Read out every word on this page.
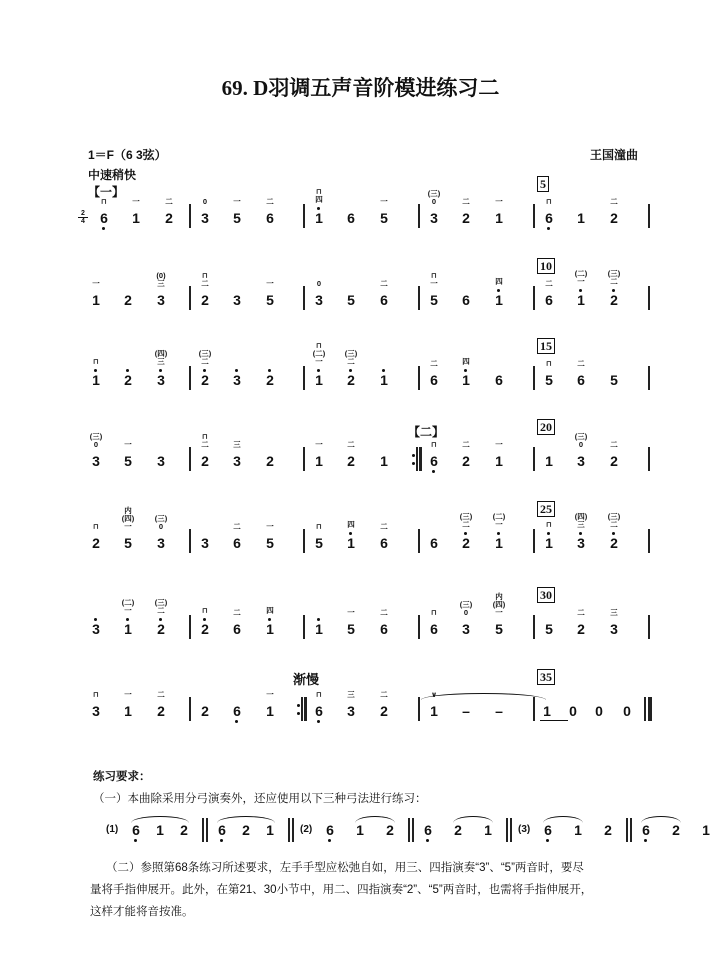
69. D羽调五声音阶模进练习二
1＝F（6 3弦）
中速稍快
王国潼曲
【一】
2
4
练习要求：
（一）本曲除采用分弓演奏外，还应使用以下三种弓法进行练习：
（二）参照第68条练习所述要求，左手手型应松弛自如，用三、四指演奏“3”、“5”两音时，要尽
量将手指伸展开。此外，在第21、30小节中，用二、四指演奏“2”、“5”两音时，也需将手指伸展开，
这样才能将音按准。
6
⊓
1
一
2
二
3
0
5
一
6
二
1
⊓
四
6 5
一
3
(三)
0
2
二
1
一
6
⊓
1 2
二
5
1
一
2 3
(0)
三
2
⊓
二
3 5
一
3
0
5 6
二
5
⊓
一
6 1
四
6
二
1
(二)
一
2
(三)
二
10
1
⊓
2 3
(四)
三
2
(三)
二
3 2	1
⊓
(二)
一
2
(三)
二
1	6
二
1
四
6	5
⊓
6
二
5
15
3
(三)
0
5
一
3	2
⊓
二
3
三
2	1
一
2
二
1	6
⊓
2
二
1
一
【二】
1 3
(三)
0
2
二
20
2
⊓
5
内
(四)
一
3
(三)
0
3 6
二
5
一
5
⊓
1
四
6
二
6 2
(三)
二
1
(二)
一
1
⊓
3
(四)
三
2
(三)
二
25
3 1
(二)
一
2
(三)
二
2
⊓
6
二
1
四
1 5
一
6
二
6
⊓
3
(三)
0
5
内
(四)
一
5 2
二
3
三
30
3
⊓
1
一
2
二
2 6 1
一
6
⊓
3
三
2
二
渐慢
1
∨
– –	1 0 0 0
35
(1) 6 1 2 6 2 1	(2) 6 1 2 6 2 1	(3) 6 1 2 6 2 1
